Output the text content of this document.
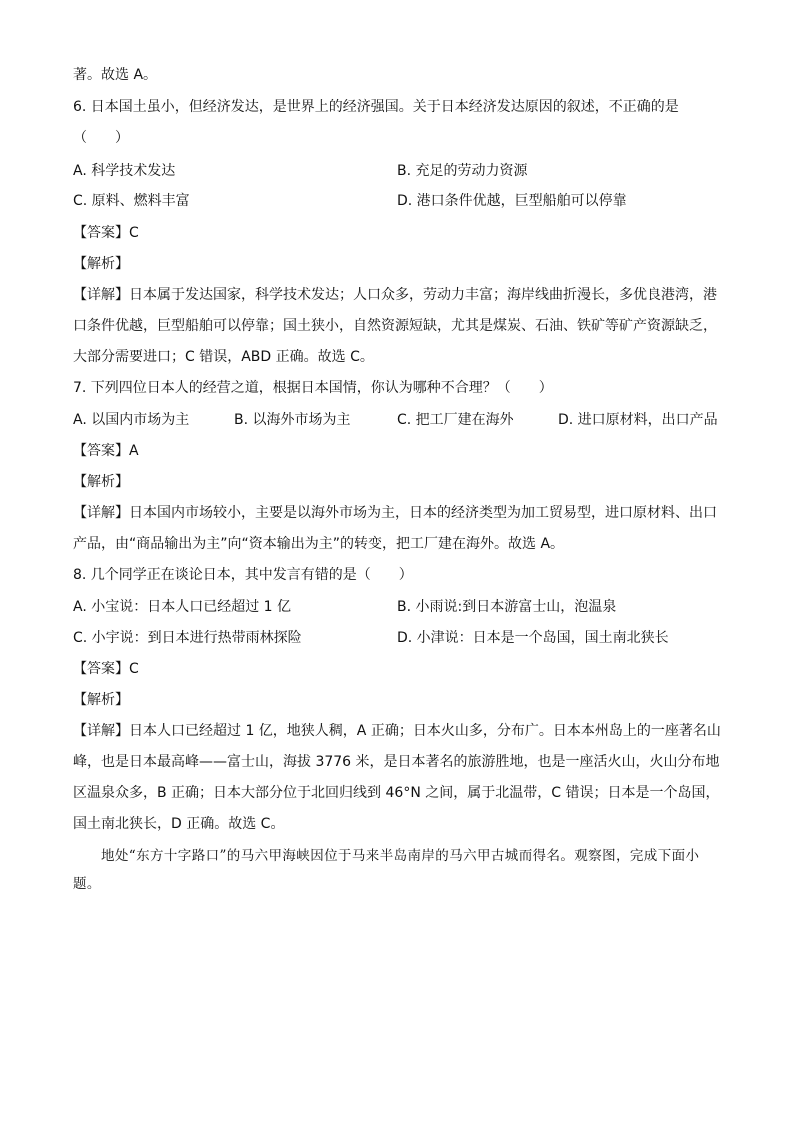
著。故选 A。
6. 日本国土虽小，但经济发达，是世界上的经济强国。关于日本经济发达原因的叙述，不正确的是
（　　）
A. 科学技术发达	B. 充足的劳动力资源
C. 原料、燃料丰富	D. 港口条件优越，巨型船舶可以停靠
【答案】C
【解析】
【详解】日本属于发达国家，科学技术发达；人口众多，劳动力丰富；海岸线曲折漫长，多优良港湾，港
口条件优越，巨型船舶可以停靠；国土狭小，自然资源短缺，尤其是煤炭、石油、铁矿等矿产资源缺乏，
大部分需要进口；C 错误，ABD 正确。故选 C。
7. 下列四位日本人的经营之道，根据日本国情，你认为哪种不合理？（　　）
A. 以国内市场为主	B. 以海外市场为主	C. 把工厂建在海外	D. 进口原材料，出口产品
【答案】A
【解析】
【详解】日本国内市场较小，主要是以海外市场为主，日本的经济类型为加工贸易型，进口原材料、出口
产品，由“商品输出为主”向“资本输出为主”的转变，把工厂建在海外。故选 A。
8. 几个同学正在谈论日本，其中发言有错的是（　　）
A. 小宝说：日本人口已经超过 1 亿	B. 小雨说:到日本游富士山，泡温泉
C. 小宇说：到日本进行热带雨林探险	D. 小津说：日本是一个岛国，国土南北狭长
【答案】C
【解析】
【详解】日本人口已经超过 1 亿，地狭人稠，A 正确；日本火山多，分布广。日本本州岛上的一座著名山
峰，也是日本最高峰——富士山，海拔 3776 米，是日本著名的旅游胜地，也是一座活火山，火山分布地
区温泉众多，B 正确；日本大部分位于北回归线到 46°N 之间，属于北温带，C 错误；日本是一个岛国，
国土南北狭长，D 正确。故选 C。
地处“东方十字路口”的马六甲海峡因位于马来半岛南岸的马六甲古城而得名。观察图，完成下面小题。
